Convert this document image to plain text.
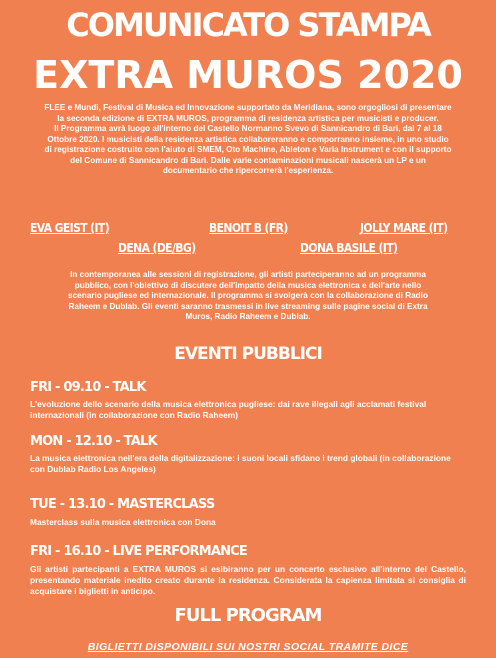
COMUNICATO STAMPA
EXTRA MUROS 2020

FLEE e Mundi, Festival di Musica ed Innovazione supportato da Meridiana, sono orgogliosi di presentare la seconda edizione di EXTRA MUROS, programma di residenza artistica per musicisti e producer.

Il Programma avrà luogo all'interno del Castello Normanno Svevo di Sannicandro di Bari, dal 7 al 18 Ottobre 2020. I musicisti della residenza artistica collaboreranno e comporranno insieme, in uno studio di registrazione costruito con l'aiuto di SMEM, Oto Machine, Ableton e Varia Instrument e con il supporto del Comune di Sannicandro di Bari. Dalle varie contaminazioni musicali nascerà un LP e un documentario che ripercorrerà l'esperienza.

EVA GEIST (IT)	BENOIT B (FR)	JOLLY MARE (IT)
DENA (DE/BG)	DONA BASILE (IT)
In contemporanea alle sessioni di registrazione, gli artisti parteciperanno ad un programma pubblico, con l'obiettivo di discutere dell'impatto della musica elettronica e dell'arte nello scenario pugliese ed internazionale. Il programma si svolgerà con la collaborazione di Radio Raheem e Dublab. Gli eventi saranno trasmessi in live streaming sulle pagine social di Extra Muros, Radio Raheem e Dublab.
EVENTI PUBBLICI
FRI - 09.10 - TALK
L'evoluzione dello scenario della musica elettronica pugliese: dai rave illegali agli acclamati festival internazionali (in collaborazione con Radio Raheem)
MON - 12.10 - TALK
La musica elettronica nell'era della digitalizzazione: i suoni locali sfidano i trend globali (in collaborazione con Dublab Radio Los Angeles)
TUE - 13.10 - MASTERCLASS
Masterclass sulla musica elettronica con Dona
FRI - 16.10 - LIVE PERFORMANCE
Gli artisti partecipanti a EXTRA MUROS si esibiranno per un concerto esclusivo all'interno del Castello, presentando materiale inedito creato durante la residenza. Considerata la capienza limitata si consiglia di acquistare i biglietti in anticipo.
FULL PROGRAM
BIGLIETTI DISPONIBILI SUI NOSTRI SOCIAL TRAMITE DICE
